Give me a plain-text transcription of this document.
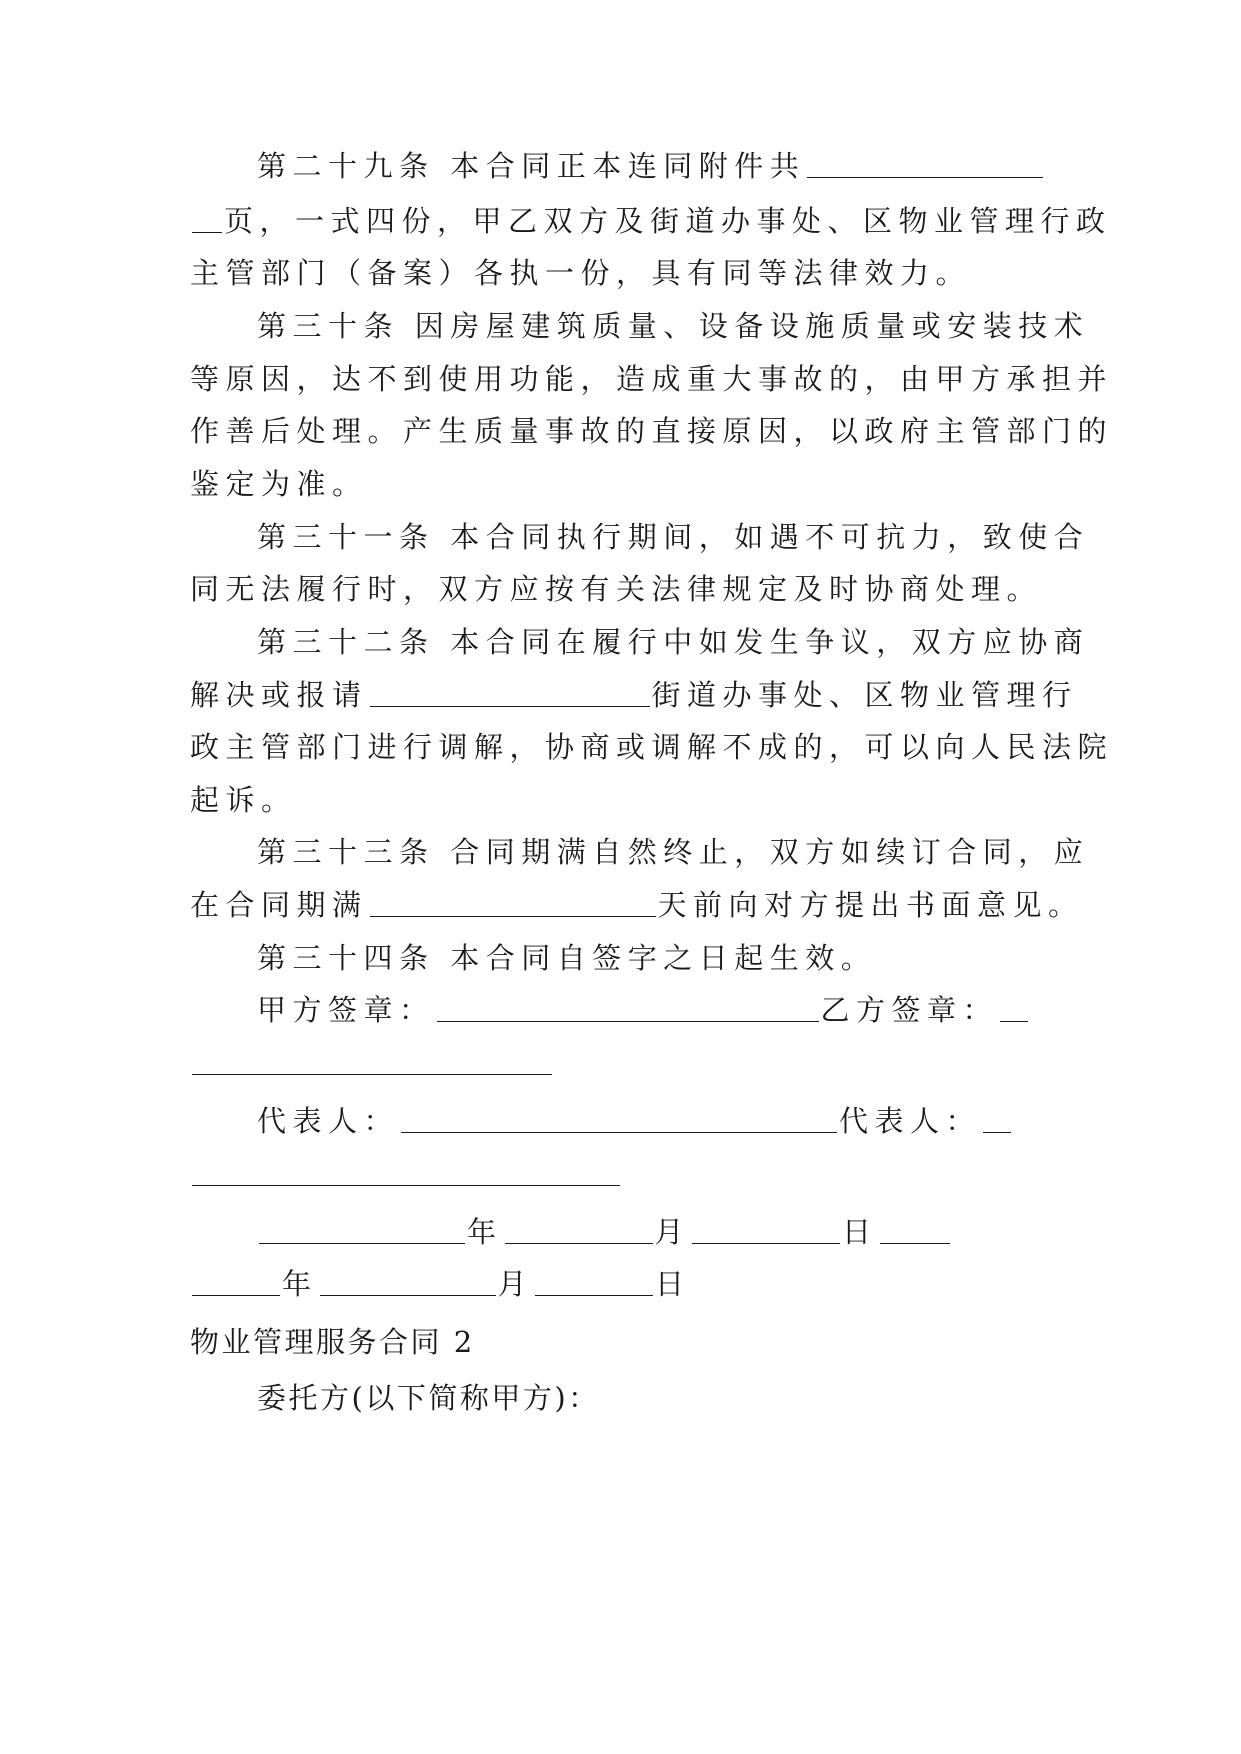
第二十九条 本合同正本连同附件共
页，一式四份，甲乙双方及街道办事处、区物业管理行政
主管部门（备案）各执一份，具有同等法律效力。
第三十条 因房屋建筑质量、设备设施质量或安装技术
等原因，达不到使用功能，造成重大事故的，由甲方承担并
作善后处理。产生质量事故的直接原因，以政府主管部门的
鉴定为准。
第三十一条 本合同执行期间，如遇不可抗力，致使合
同无法履行时，双方应按有关法律规定及时协商处理。
第三十二条 本合同在履行中如发生争议，双方应协商
解决或报请	街道办事处、区物业管理行
政主管部门进行调解，协商或调解不成的，可以向人民法院
起诉。
第三十三条 合同期满自然终止，双方如续订合同，应
在合同期满	天前向对方提出书面意见。
第三十四条 本合同自签字之日起生效。
甲方签章：	乙方签章：
代表人：	代表人：
年	月	日
年	月	日
物业管理服务合同 2
委托方(以下简称甲方)：
